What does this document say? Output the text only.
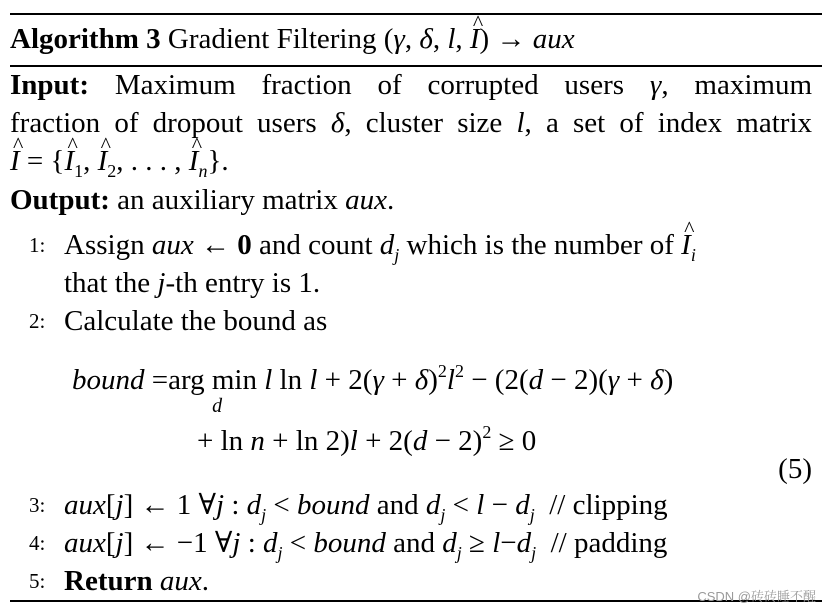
Algorithm 3 Gradient Filtering (γ, δ, l, ^ I) → aux
Input: Maximum fraction of corrupted users γ, maximum
fraction of dropout users δ, cluster size l, a set of index matrix
^ I = {^ $I_1$, ^ $I_2$, . . . , ^ $I_n$}.
Output: an auxiliary matrix aux.
1: Assign aux ← 0 and count $d_j$ which is the number of ^ $I_i$
that the j-th entry is 1.
2: Calculate the bound as
bound =arg min
d
l $\ln l + 2(\gamma + \delta)^2l^2 - (2(d - 2)(\gamma + \delta)$
+ $\ln n + \ln 2)l + 2(d - 2)^2 \ge 0$
(5)
3: aux[j] ← 1 ∀j : $d_j$ < bound and $d_j < l - d_j$ // clipping
4: aux[j] ← −1 ∀j : $d_j$ < bound and $d_j \ge l-d_j$ // padding
5: Return aux.	CSDN @砖砖睡不醒
